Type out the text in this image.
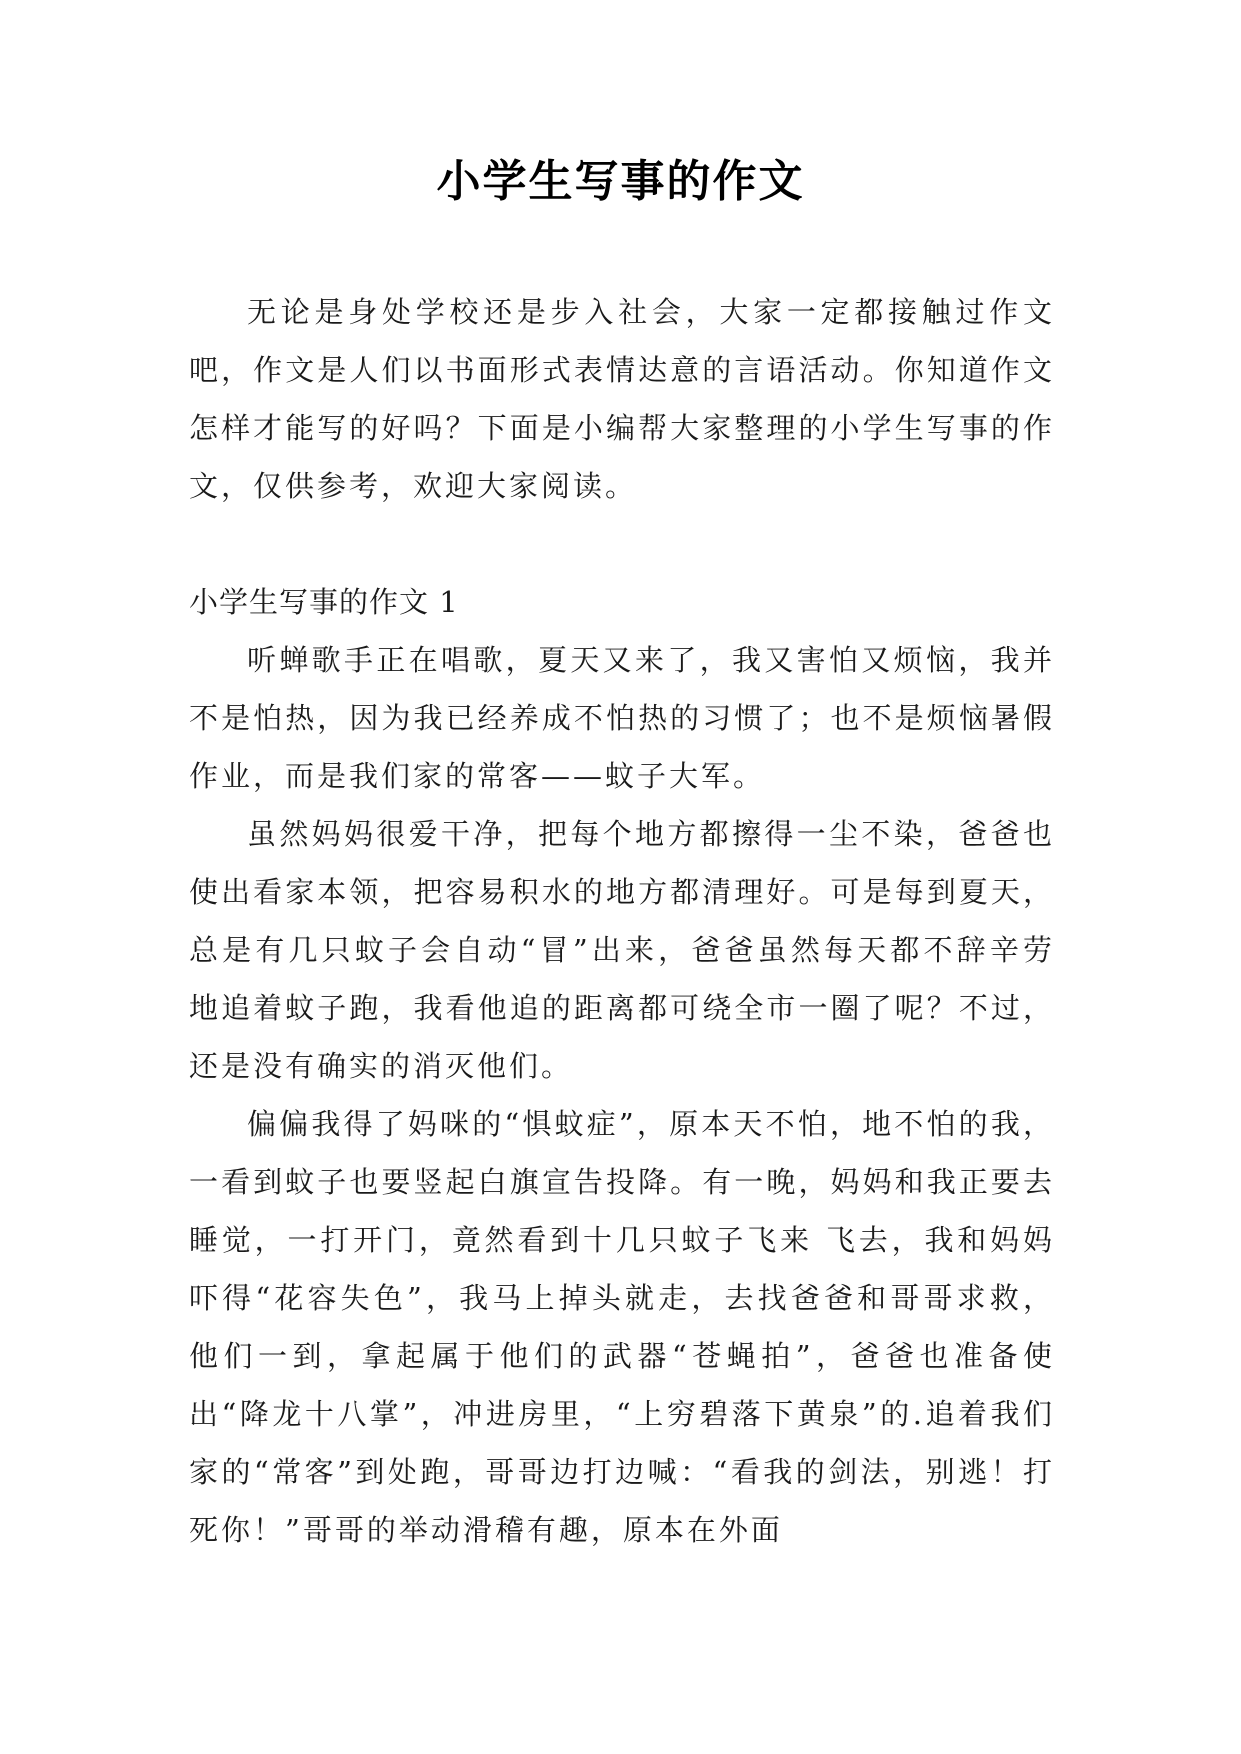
小学生写事的作文

无论是身处学校还是步入社会，大家一定都接触过作文吧，作文是人们以书面形式表情达意的言语活动。你知道作文怎样才能写的好吗？下面是小编帮大家整理的小学生写事的作文，仅供参考，欢迎大家阅读。

小学生写事的作文 1

听蝉歌手正在唱歌，夏天又来了，我又害怕又烦恼，我并不是怕热，因为我已经养成不怕热的习惯了；也不是烦恼暑假作业，而是我们家的常客——蚊子大军。

虽然妈妈很爱干净，把每个地方都擦得一尘不染，爸爸也使出看家本领，把容易积水的地方都清理好。可是每到夏天，总是有几只蚊子会自动“冒”出来，爸爸虽然每天都不辞辛劳地追着蚊子跑，我看他追的距离都可绕全市一圈了呢？不过，还是没有确实的消灭他们。

偏偏我得了妈咪的“惧蚊症”，原本天不怕，地不怕的我，一看到蚊子也要竖起白旗宣告投降。有一晚，妈妈和我正要去睡觉，一打开门，竟然看到十几只蚊子飞来 飞去，我和妈妈吓得“花容失色”，我马上掉头就走，去找爸爸和哥哥求救，他们一到，拿起属于他们的武器“苍蝇拍”，爸爸也准备使出“降龙十八掌”，冲进房里，“上穷碧落下黄泉”的.追着我们家的“常客”到处跑，哥哥边打边喊：“看我的剑法，别逃！打死你！”哥哥的举动滑稽有趣，原本在外面
